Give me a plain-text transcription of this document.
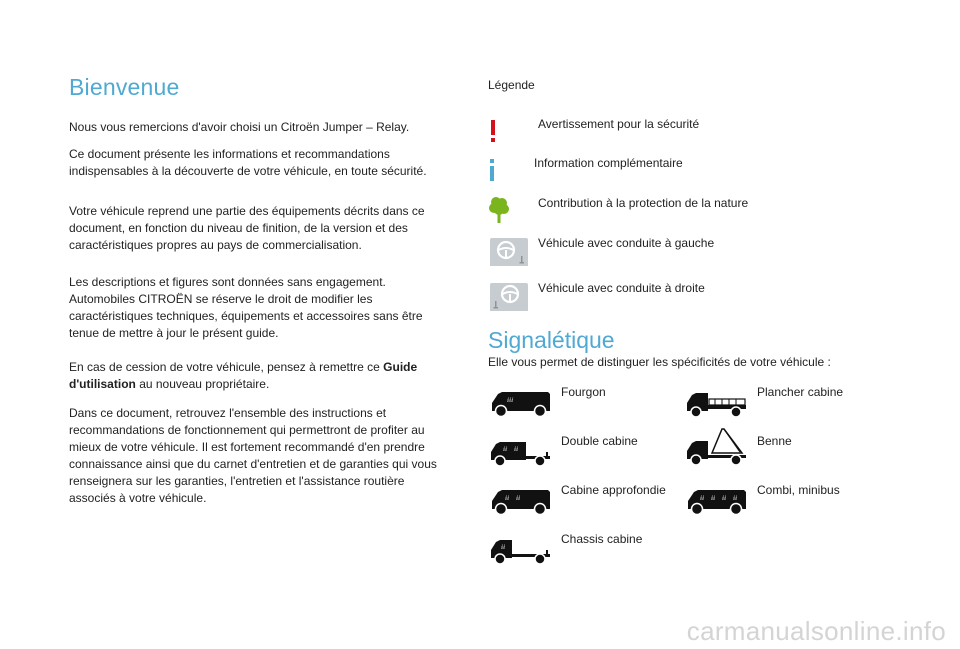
Bienvenue

Nous vous remercions d'avoir choisi un Citroën Jumper – Relay.

Ce document présente les informations et recommandations indispensables à la découverte de votre véhicule, en toute sécurité.

Votre véhicule reprend une partie des équipements décrits dans ce document, en fonction du niveau de finition, de la version et des caractéristiques propres au pays de commercialisation.

Les descriptions et figures sont données sans engagement. Automobiles CITROËN se réserve le droit de modifier les caractéristiques techniques, équipements et accessoires sans être tenue de mettre à jour le présent guide.

En cas de cession de votre véhicule, pensez à remettre ce Guide d'utilisation au nouveau propriétaire.

Dans ce document, retrouvez l'ensemble des instructions et recommandations de fonctionnement qui permettront de profiter au mieux de votre véhicule. Il est fortement recommandé d'en prendre connaissance ainsi que du carnet d'entretien et de garanties qui vous renseignera sur les garanties, l'entretien et l'assistance routière associés à votre véhicule.

Légende

Avertissement pour la sécurité
Information complémentaire
Contribution à la protection de la nature
Véhicule avec conduite à gauche
Véhicule avec conduite à droite
Signalétique

Elle vous permet de distinguer les spécificités de votre véhicule :

ⅈⅈⅈ
Fourgon	Plancher cabine
ⅈⅈ ⅈⅈ
Double cabine	Benne
ⅈⅈ ⅈⅈ
Cabine approfondie
ⅈⅈ ⅈⅈ ⅈⅈ ⅈⅈ
Combi, minibus
ⅈⅈ
Chassis cabine
carmanualsonline.info
